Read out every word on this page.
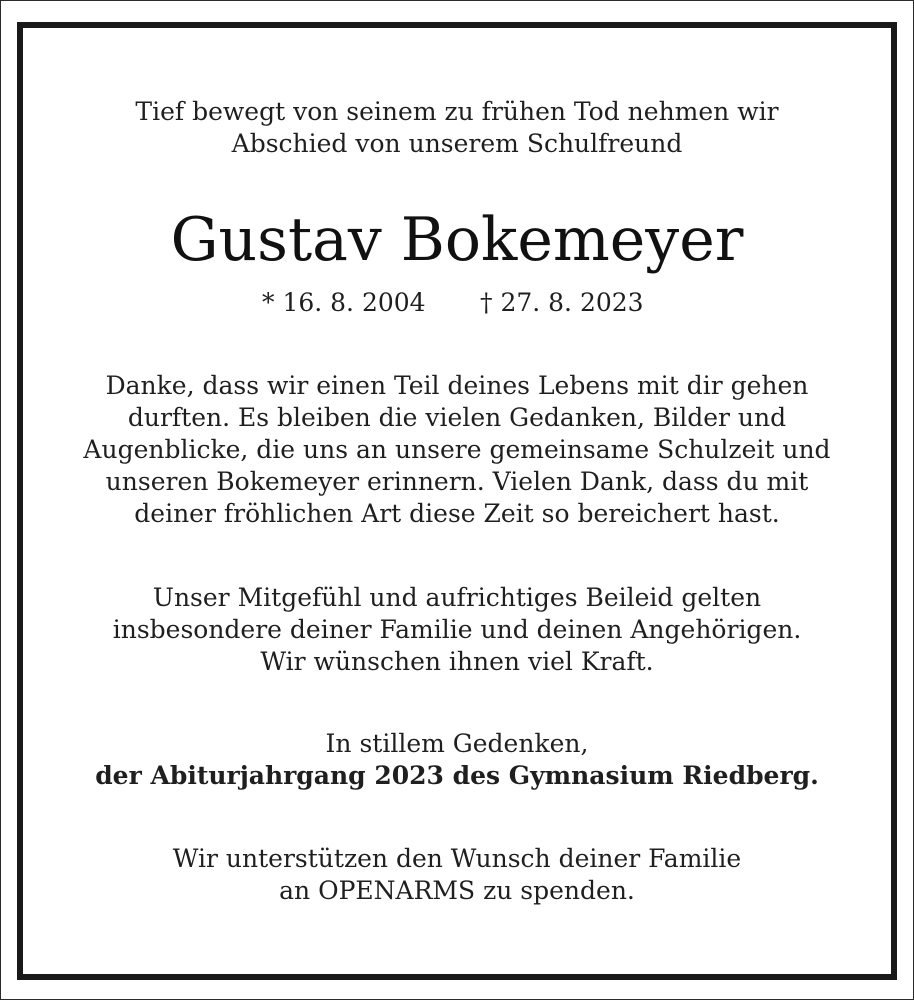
Tief bewegt von seinem zu frühen Tod nehmen wir
Abschied von unserem Schulfreund
Gustav Bokemeyer
* 16. 8. 2004 † 27. 8. 2023
Danke, dass wir einen Teil deines Lebens mit dir gehen
durften. Es bleiben die vielen Gedanken, Bilder und
Augenblicke, die uns an unsere gemeinsame Schulzeit und
unseren Bokemeyer erinnern. Vielen Dank, dass du mit
deiner fröhlichen Art diese Zeit so bereichert hast.
Unser Mitgefühl und aufrichtiges Beileid gelten
insbesondere deiner Familie und deinen Angehörigen.
Wir wünschen ihnen viel Kraft.
In stillem Gedenken,
der Abiturjahrgang 2023 des Gymnasium Riedberg.
Wir unterstützen den Wunsch deiner Familie
an OPENARMS zu spenden.
